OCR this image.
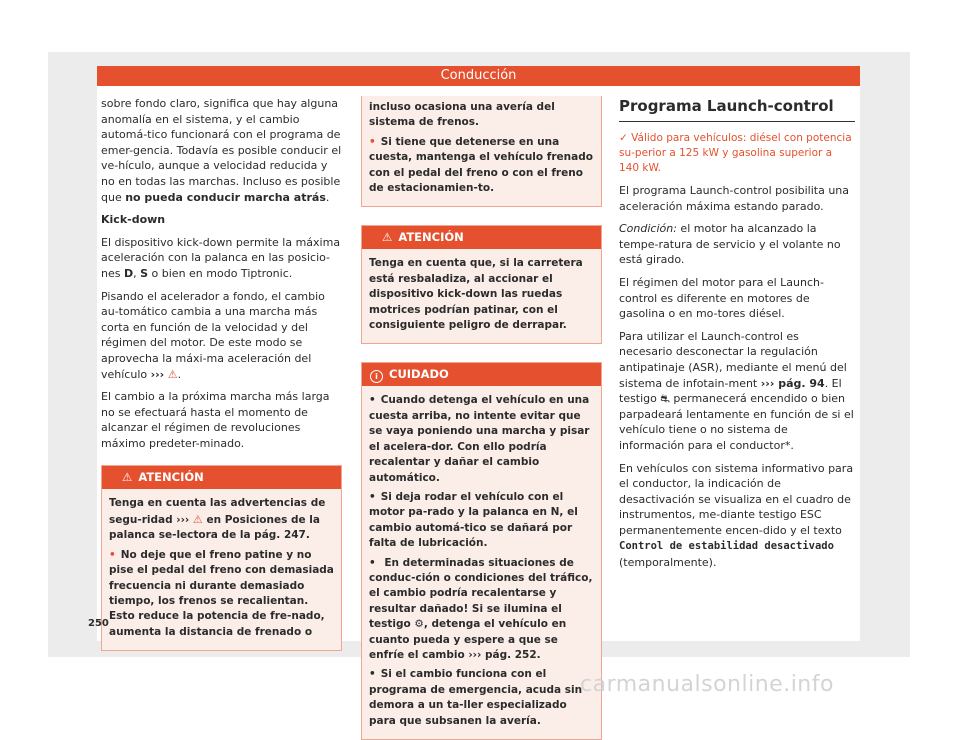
Conducción

sobre fondo claro, significa que hay alguna anomalía en el sistema, y el cambio automá-tico funcionará con el programa de emer-gencia. Todavía es posible conducir el ve-hículo, aunque a velocidad reducida y no en todas las marchas. Incluso es posible que no pueda conducir marcha atrás.

Kick-down

El dispositivo kick-down permite la máxima aceleración con la palanca en las posicio-nes D, S o bien en modo Tiptronic.

Pisando el acelerador a fondo, el cambio au-tomático cambia a una marcha más corta en función de la velocidad y del régimen del motor. De este modo se aprovecha la máxi-ma aceleración del vehículo ››› ⚠.

El cambio a la próxima marcha más larga no se efectuará hasta el momento de alcanzar el régimen de revoluciones máximo predeter-minado.

⚠ ATENCIÓN

Tenga en cuenta las advertencias de segu-ridad ››› ⚠ en Posiciones de la palanca se-lectora de la pág. 247.

• No deje que el freno patine y no pise el pedal del freno con demasiada frecuencia ni durante demasiado tiempo, los frenos se recalientan. Esto reduce la potencia de fre-nado, aumenta la distancia de frenado o

incluso ocasiona una avería del sistema de frenos.

• Si tiene que detenerse en una cuesta, mantenga el vehículo frenado con el pedal del freno o con el freno de estacionamien-to.

⚠ ATENCIÓN

Tenga en cuenta que, si la carretera está resbaladiza, al accionar el dispositivo kick-down las ruedas motrices podrían patinar, con el consiguiente peligro de derrapar.

i CUIDADO

• Cuando detenga el vehículo en una cuesta arriba, no intente evitar que se vaya poniendo una marcha y pisar el acelera-dor. Con ello podría recalentar y dañar el cambio automático.

• Si deja rodar el vehículo con el motor pa-rado y la palanca en N, el cambio automá-tico se dañará por falta de lubricación.

• En determinadas situaciones de conduc-ción o condiciones del tráfico, el cambio podría recalentarse y resultar dañado! Si se ilumina el testigo ⚙, detenga el vehículo en cuanto pueda y espere a que se enfríe el cambio ››› pág. 252.

• Si el cambio funciona con el programa de emergencia, acuda sin demora a un ta-ller especializado para que subsanen la avería.

Programa Launch-control

✓ Válido para vehículos: diésel con potencia su-perior a 125 kW y gasolina superior a 140 kW.

El programa Launch-control posibilita una aceleración máxima estando parado.

Condición: el motor ha alcanzado la tempe-ratura de servicio y el volante no está girado.

El régimen del motor para el Launch-control es diferente en motores de gasolina o en mo-tores diésel.

Para utilizar el Launch-control es necesario desconectar la regulación antipatinaje (ASR), mediante el menú del sistema de infotain-ment ››› pág. 94. El testigo ⛐ permanecerá encendido o bien parpadeará lentamente en función de si el vehículo tiene o no sistema de información para el conductor*.

En vehículos con sistema informativo para el conductor, la indicación de desactivación se visualiza en el cuadro de instrumentos, me-diante testigo ESC permanentemente encen-dido y el texto Control de estabilidad desactivado (temporalmente).

250
carmanualsonline.info
